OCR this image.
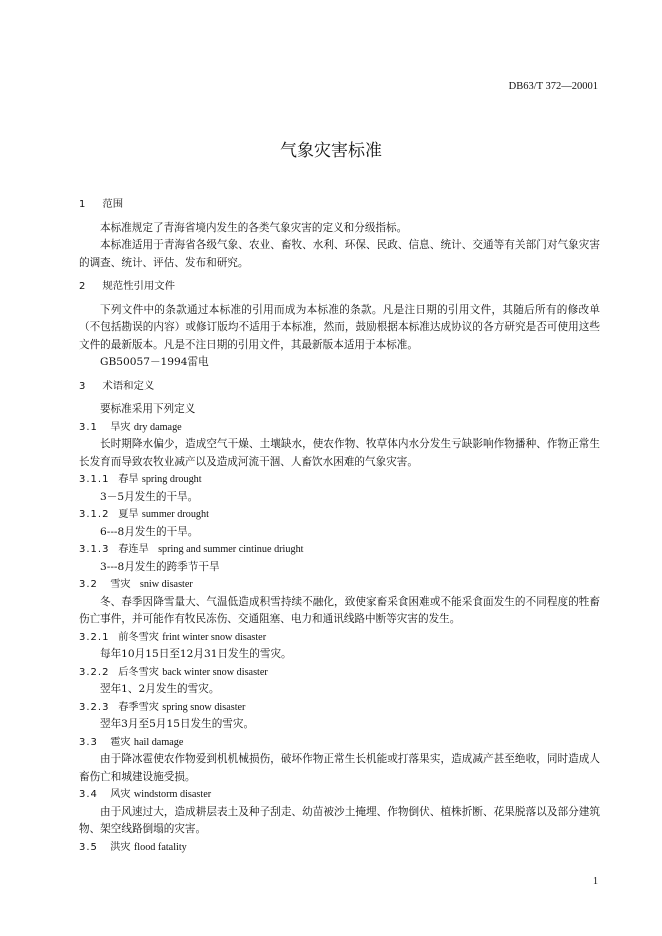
DB63/T 372—20001
气象灾害标准
1 范围
本标准规定了青海省境内发生的各类气象灾害的定义和分级指标。
本标准适用于青海省各级气象、农业、畜牧、水利、环保、民政、信息、统计、交通等有关部门对气象灾害的调查、统计、评估、发布和研究。
2 规范性引用文件
下列文件中的条款通过本标准的引用而成为本标准的条款。凡是注日期的引用文件，其随后所有的修改单（不包括勘误的内容）或修订版均不适用于本标准，然而，鼓励根据本标准达成协议的各方研究是否可使用这些文件的最新版本。凡是不注日期的引用文件，其最新版本适用于本标准。
GB50057－1994雷电
3 术语和定义
要标准采用下列定义
3.1 旱灾 dry damage
长时期降水偏少，造成空气干燥、土壤缺水，使农作物、牧草体内水分发生亏缺影响作物播种、作物正常生长发育而导致农牧业减产以及造成河流干涸、人畜饮水困难的气象灾害。
3.1.1 春旱 spring drought
3－5月发生的干旱。
3.1.2 夏旱 summer drought
6---8月发生的干旱。
3.1.3 春连旱 spring and summer cintinue driught
3---8月发生的跨季节干旱
3.2 雪灾 sniw disaster
冬、春季因降雪量大、气温低造成积雪持续不融化，致使家畜采食困难或不能采食面发生的不同程度的牲畜伤亡事件，并可能作有牧民冻伤、交通阻塞、电力和通讯线路中断等灾害的发生。
3.2.1 前冬雪灾 frint winter snow disaster
每年10月15日至12月31日发生的雪灾。
3.2.2 后冬雪灾 back winter snow disaster
翌年1、2月发生的雪灾。
3.2.3 春季雪灾 spring snow disaster
翌年3月至5月15日发生的雪灾。
3.3 雹灾 hail damage
由于降冰雹使农作物爱到机机械损伤，破坏作物正常生长机能或打落果实，造成减产甚至绝收，同时造成人畜伤亡和城建设施受损。
3.4 风灾 windstorm disaster
由于风速过大，造成耕层表土及种子刮走、幼苗被沙土掩埋、作物倒伏、植株折断、花果脱落以及部分建筑物、架空线路倒塌的灾害。
3.5 洪灾 flood fatality
1
